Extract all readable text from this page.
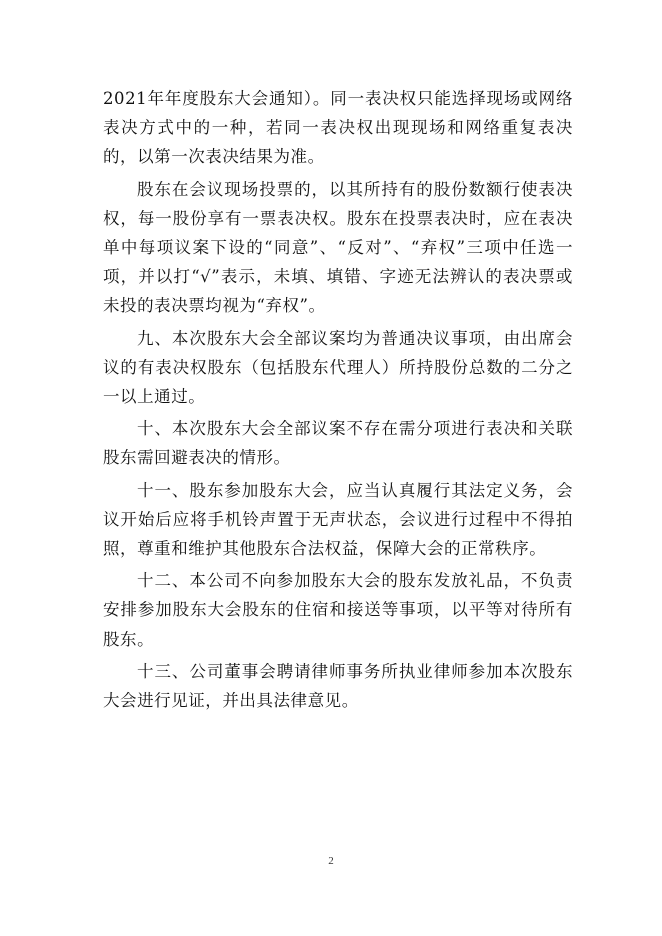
2021年年度股东大会通知）。同一表决权只能选择现场或网络表决方式中的一种，若同一表决权出现现场和网络重复表决的，以第一次表决结果为准。

股东在会议现场投票的，以其所持有的股份数额行使表决权，每一股份享有一票表决权。股东在投票表决时，应在表决单中每项议案下设的“同意”、“反对”、“弃权”三项中任选一项，并以打“√”表示，未填、填错、字迹无法辨认的表决票或未投的表决票均视为“弃权”。

九、本次股东大会全部议案均为普通决议事项，由出席会议的有表决权股东（包括股东代理人）所持股份总数的二分之一以上通过。

十、本次股东大会全部议案不存在需分项进行表决和关联股东需回避表决的情形。

十一、股东参加股东大会，应当认真履行其法定义务，会议开始后应将手机铃声置于无声状态，会议进行过程中不得拍照，尊重和维护其他股东合法权益，保障大会的正常秩序。

十二、本公司不向参加股东大会的股东发放礼品，不负责安排参加股东大会股东的住宿和接送等事项，以平等对待所有股东。

十三、公司董事会聘请律师事务所执业律师参加本次股东大会进行见证，并出具法律意见。

2
